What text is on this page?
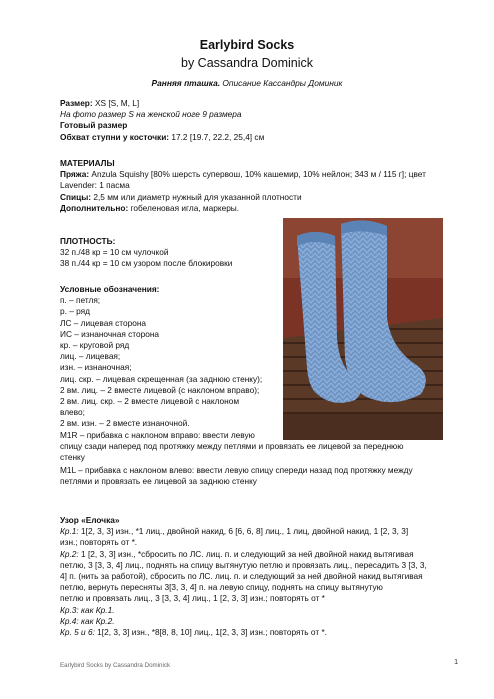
Earlybird Socks
by Cassandra Dominick
Ранняя пташка. Описание Кассандры Доминик
Размер: XS [S, M, L]
На фото размер S на женской ноге 9 размера
Готовый размер
Обхват ступни у косточки: 17.2 [19.7, 22.2, 25,4] см
МАТЕРИАЛЫ
Пряжа: Anzula Squishy [80% шерсть супервош, 10% кашемир, 10% нейлон; 343 м / 115 г]; цвет
Lavender: 1 пасма
Спицы: 2,5 мм или диаметр нужный для указанной плотности
Дополнительно: гобеленовая игла, маркеры.
ПЛОТНОСТЬ:
32 п./48 кр = 10 см чулочкой
38 п./44 кр = 10 см узором после блокировки
Условные обозначения:
п. – петля;
р. – ряд
ЛС – лицевая сторона
ИС – изнаночная сторона
кр. – круговой ряд
лиц. – лицевая;
изн. – изнаночная;
лиц. скр. – лицевая скрещенная (за заднюю стенку);
2 вм. лиц. – 2 вместе лицевой (с наклоном вправо);
2 вм. лиц. скр. – 2 вместе лицевой с наклоном
влево;
2 вм. изн. – 2 вместе изнаночной.
M1R – прибавка с наклоном вправо: ввести левую
спицу сзади наперед под протяжку между петлями и провязать ее лицевой за переднюю
стенку
M1L – прибавка с наклоном влево: ввести левую спицу спереди назад под протяжку между
петлями и провязать ее лицевой за заднюю стенку
Узор «Елочка»
Кр.1: 1[2, 3, 3] изн., *1 лиц., двойной накид, 6 [6, 6, 8] лиц., 1 лиц, двойной накид, 1 [2, 3, 3]
изн.; повторять от *.
Кр.2: 1 [2, 3, 3] изн., *сбросить по ЛС. лиц. п. и следующий за ней двойной накид вытягивая
петлю, 3 [3, 3, 4] лиц., поднять на спицу вытянутую петлю и провязать лиц., пересадить 3 [3, 3,
4] п. (нить за работой), сбросить по ЛС. лиц. п. и следующий за ней двойной накид вытягивая
петлю, вернуть пересняты 3[3, 3, 4] п. на левую спицу, поднять на спицу вытянутую
петлю и провязать лиц., 3 [3, 3, 4] лиц., 1 [2, 3, 3] изн.; повторять от *
Кр.3: как Кр.1.
Кр.4: как Кр.2.
Кр. 5 и 6: 1[2, 3, 3] изн., *8[8, 8, 10] лиц., 1[2, 3, 3] изн.; повторять от *.
Earlybird Socks by Cassandra Dominick	1
